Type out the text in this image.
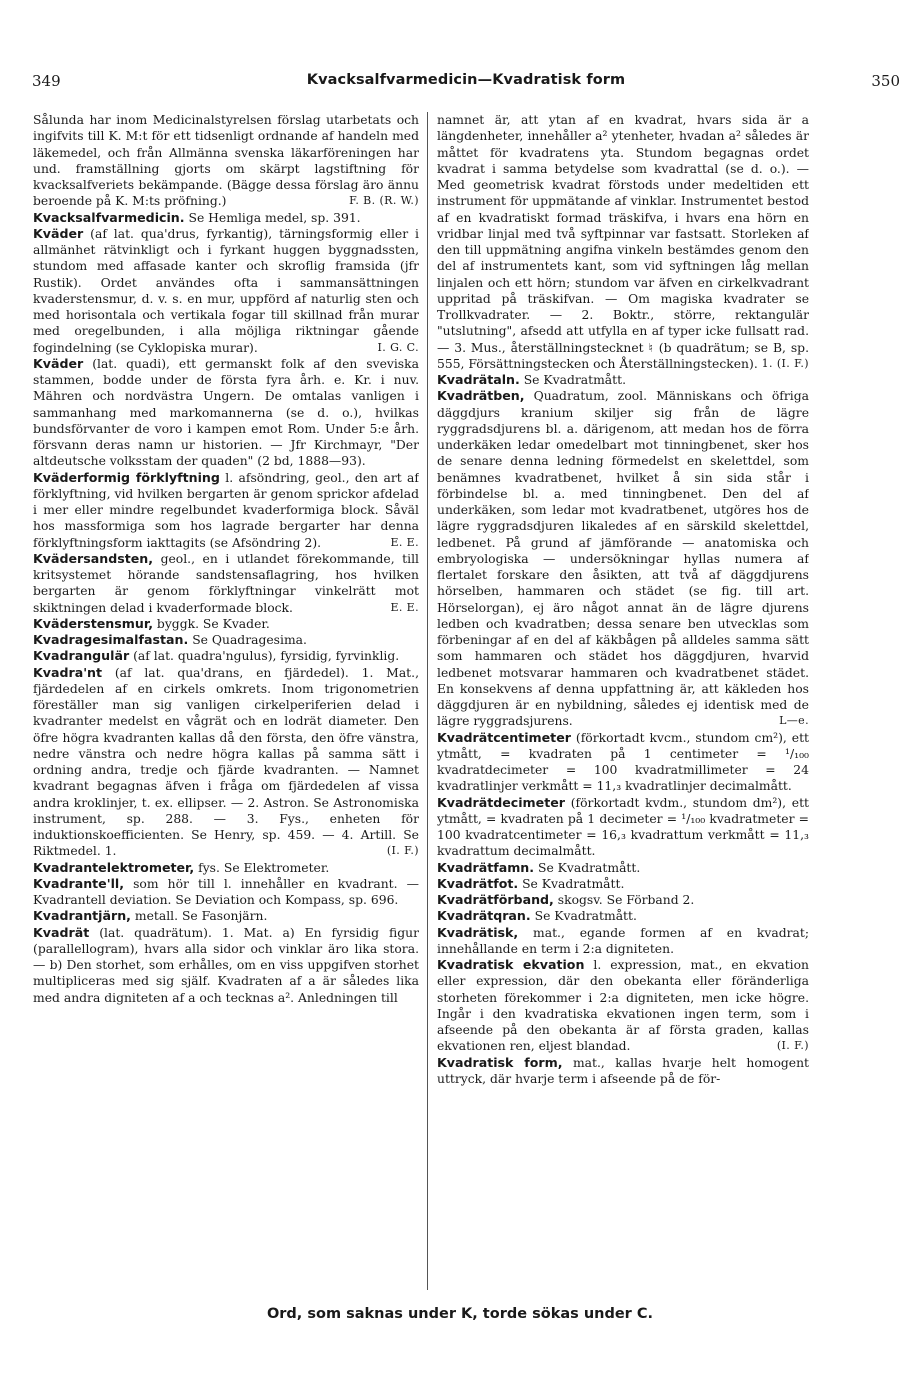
349	Kvacksalfvarmedicin—Kvadratisk form	350

Sålunda har inom Medicinalstyrelsen förslag utarbetats och ingifvits till K. M:t för ett tidsenligt ordnande af handeln med läkemedel, och från Allmänna svenska läkarföreningen har und. framställning gjorts om skärpt lagstiftning för kvacksalfveriets bekämpande. (Bägge dessa förslag äro ännu beroende på K. M:ts pröfning.)	F. B. (R. W.)

Kvacksalfvarmedicin. Se Hemliga medel, sp. 391.

Kväder (af lat. qua'drus, fyrkantig), tärningsformig eller i allmänhet rätvinkligt och i fyrkant huggen byggnadssten, stundom med affasade kanter och skroflig framsida (jfr Rustik). Ordet användes ofta i sammansättningen kvaderstensmur, d. v. s. en mur, uppförd af naturlig sten och med horisontala och vertikala fogar till skillnad från murar med oregelbunden, i alla möjliga riktningar gående fogindelning (se Cyklopiska murar).	I. G. C.

Kväder (lat. quadi), ett germanskt folk af den sveviska stammen, bodde under de första fyra årh. e. Kr. i nuv. Mähren och nordvästra Ungern. De omtalas vanligen i sammanhang med markomannerna (se d. o.), hvilkas bundsförvanter de voro i kampen emot Rom. Under 5:e årh. försvann deras namn ur historien. — Jfr Kirchmayr, "Der altdeutsche volksstam der quaden" (2 bd, 1888—93).

Kväderformig förklyftning l. afsöndring, geol., den art af förklyftning, vid hvilken bergarten är genom sprickor afdelad i mer eller mindre regelbundet kvaderformiga block. Såväl hos massformiga som hos lagrade bergarter har denna förklyftningsform iakttagits (se Afsöndring 2).	E. E.

Kvädersandsten, geol., en i utlandet förekommande, till kritsystemet hörande sandstensaflagring, hos hvilken bergarten är genom förklyftningar vinkelrätt mot skiktningen delad i kvaderformade block.	E. E.

Kväderstensmur, byggk. Se Kvader.

Kvadragesimalfastan. Se Quadragesima.

Kvadrangulär (af lat. quadra'ngulus), fyrsidig, fyrvinklig.

Kvadra'nt (af lat. qua'drans, en fjärdedel). 1. Mat., fjärdedelen af en cirkels omkrets. Inom trigonometrien föreställer man sig vanligen cirkelperiferien delad i kvadranter medelst en vågrät och en lodrät diameter. Den öfre högra kvadranten kallas då den första, den öfre vänstra, nedre vänstra och nedre högra kallas på samma sätt i ordning andra, tredje och fjärde kvadranten. — Namnet kvadrant begagnas äfven i fråga om fjärdedelen af vissa andra kroklinjer, t. ex. ellipser. — 2. Astron. Se Astronomiska instrument, sp. 288. — 3. Fys., enheten för induktionskoefficienten. Se Henry, sp. 459. — 4. Artill. Se Riktmedel. 1.	(I. F.)

Kvadrantelektrometer, fys. Se Elektrometer.

Kvadrante'll, som hör till l. innehåller en kvadrant. — Kvadrantell deviation. Se Deviation och Kompass, sp. 696.

Kvadrantjärn, metall. Se Fasonjärn.

Kvadrät (lat. quadrätum). 1. Mat. a) En fyrsidig figur (parallellogram), hvars alla sidor och vinklar äro lika stora. — b) Den storhet, som erhålles, om en viss uppgifven storhet multipliceras med sig själf. Kvadraten af a är således lika med andra digniteten af a och tecknas a². Anledningen till

namnet är, att ytan af en kvadrat, hvars sida är a längdenheter, innehåller a² ytenheter, hvadan a² således är måttet för kvadratens yta. Stundom begagnas ordet kvadrat i samma betydelse som kvadrattal (se d. o.). — Med geometrisk kvadrat förstods under medeltiden ett instrument för uppmätande af vinklar. Instrumentet bestod af en kvadratiskt formad träskifva, i hvars ena hörn en vridbar linjal med två syftpinnar var fastsatt. Storleken af den till uppmätning angifna vinkeln bestämdes genom den del af instrumentets kant, som vid syftningen låg mellan linjalen och ett hörn; stundom var äfven en cirkelkvadrant uppritad på träskifvan. — Om magiska kvadrater se Trollkvadrater. — 2. Boktr., större, rektangulär "utslutning", afsedd att utfylla en af typer icke fullsatt rad. — 3. Mus., återställningstecknet ♮ (b quadrätum; se B, sp. 555, Försättningstecken och Återställningstecken). 1. (I. F.)

Kvadrätaln. Se Kvadratmått.

Kvadrätben, Quadratum, zool. Människans och öfriga däggdjurs kranium skiljer sig från de lägre ryggradsdjurens bl. a. därigenom, att medan hos de förra underkäken ledar omedelbart mot tinningbenet, sker hos de senare denna ledning förmedelst en skelettdel, som benämnes kvadratbenet, hvilket å sin sida står i förbindelse bl. a. med tinningbenet. Den del af underkäken, som ledar mot kvadratbenet, utgöres hos de lägre ryggradsdjuren likaledes af en särskild skelettdel, ledbenet. På grund af jämförande — anatomiska och embryologiska — undersökningar hyllas numera af flertalet forskare den åsikten, att två af däggdjurens hörselben, hammaren och städet (se fig. till art. Hörselorgan), ej äro något annat än de lägre djurens ledben och kvadratben; dessa senare ben utvecklas som förbeningar af en del af käkbågen på alldeles samma sätt som hammaren och städet hos däggdjuren, hvarvid ledbenet motsvarar hammaren och kvadratbenet städet. En konsekvens af denna uppfattning är, att käkleden hos däggdjuren är en nybildning, således ej identisk med de lägre ryggradsjurens.	L—e.

Kvadrätcentimeter (förkortadt kvcm., stundom cm²), ett ytmått, = kvadraten på 1 centimeter = ¹/₁₀₀ kvadratdecimeter = 100 kvadratmillimeter = 24 kvadratlinjer verkmått = 11,₃ kvadratlinjer decimalmått.

Kvadrätdecimeter (förkortadt kvdm., stundom dm²), ett ytmått, = kvadraten på 1 decimeter = ¹/₁₀₀ kvadratmeter = 100 kvadratcentimeter = 16,₃ kvadrattum verkmått = 11,₃ kvadrattum decimalmått.

Kvadrätfamn. Se Kvadratmått.

Kvadrätfot. Se Kvadratmått.

Kvadrätförband, skogsv. Se Förband 2.

Kvadrätqran. Se Kvadratmått.

Kvadrätisk, mat., egande formen af en kvadrat; innehållande en term i 2:a digniteten.

Kvadratisk ekvation l. expression, mat., en ekvation eller expression, där den obekanta eller föränderliga storheten förekommer i 2:a digniteten, men icke högre. Ingår i den kvadratiska ekvationen ingen term, som i afseende på den obekanta är af första graden, kallas ekvationen ren, eljest blandad.	(I. F.)

Kvadratisk form, mat., kallas hvarje helt homogent uttryck, där hvarje term i afseende på de för-

Ord, som saknas under K, torde sökas under C.
